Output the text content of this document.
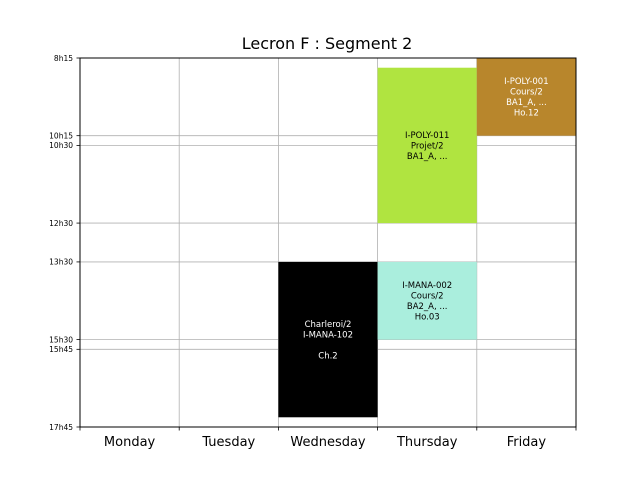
Lecron F : Segment 2
I-POLY-011
Projet/2
BA1_A, ...
I-POLY-001
Cours/2
BA1_A, ...
Ho.12
Charleroi/2
I-MANA-102
Ch.2
I-MANA-002
Cours/2
BA2_A, ...
Ho.03
8h15
10h15
10h30
12h30
13h30
15h30
15h45
17h45
Monday	Tuesday	Wednesday Thursday	Friday
